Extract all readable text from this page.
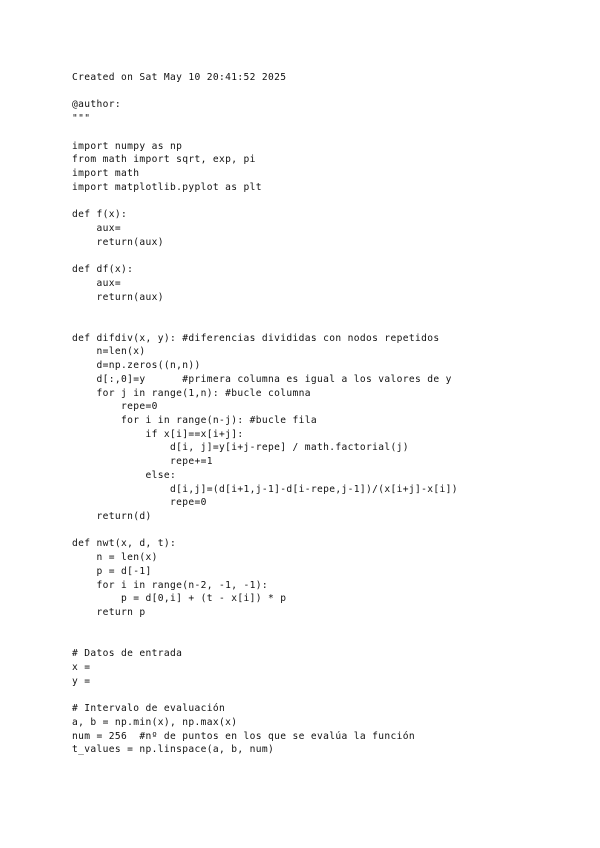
Created on Sat May 10 20:41:52 2025
@author:
"""
import numpy as np
from math import sqrt, exp, pi
import math
import matplotlib.pyplot as plt
def f(x):
aux=
return(aux)
def df(x):
aux=
return(aux)
def difdiv(x, y): #diferencias divididas con nodos repetidos
n=len(x)
d=np.zeros((n,n))
d[:,0]=y      #primera columna es igual a los valores de y
for j in range(1,n): #bucle columna
repe=0
for i in range(n-j): #bucle fila
if x[i]==x[i+j]:
d[i, j]=y[i+j-repe] / math.factorial(j)
repe+=1
else:
d[i,j]=(d[i+1,j-1]-d[i-repe,j-1])/(x[i+j]-x[i])
repe=0
return(d)
def nwt(x, d, t):
n = len(x)
p = d[-1]
for i in range(n-2, -1, -1):
p = d[0,i] + (t - x[i]) * p
return p
# Datos de entrada
x =
y =
# Intervalo de evaluación
a, b = np.min(x), np.max(x)
num = 256  #nº de puntos en los que se evalúa la función
t_values = np.linspace(a, b, num)
